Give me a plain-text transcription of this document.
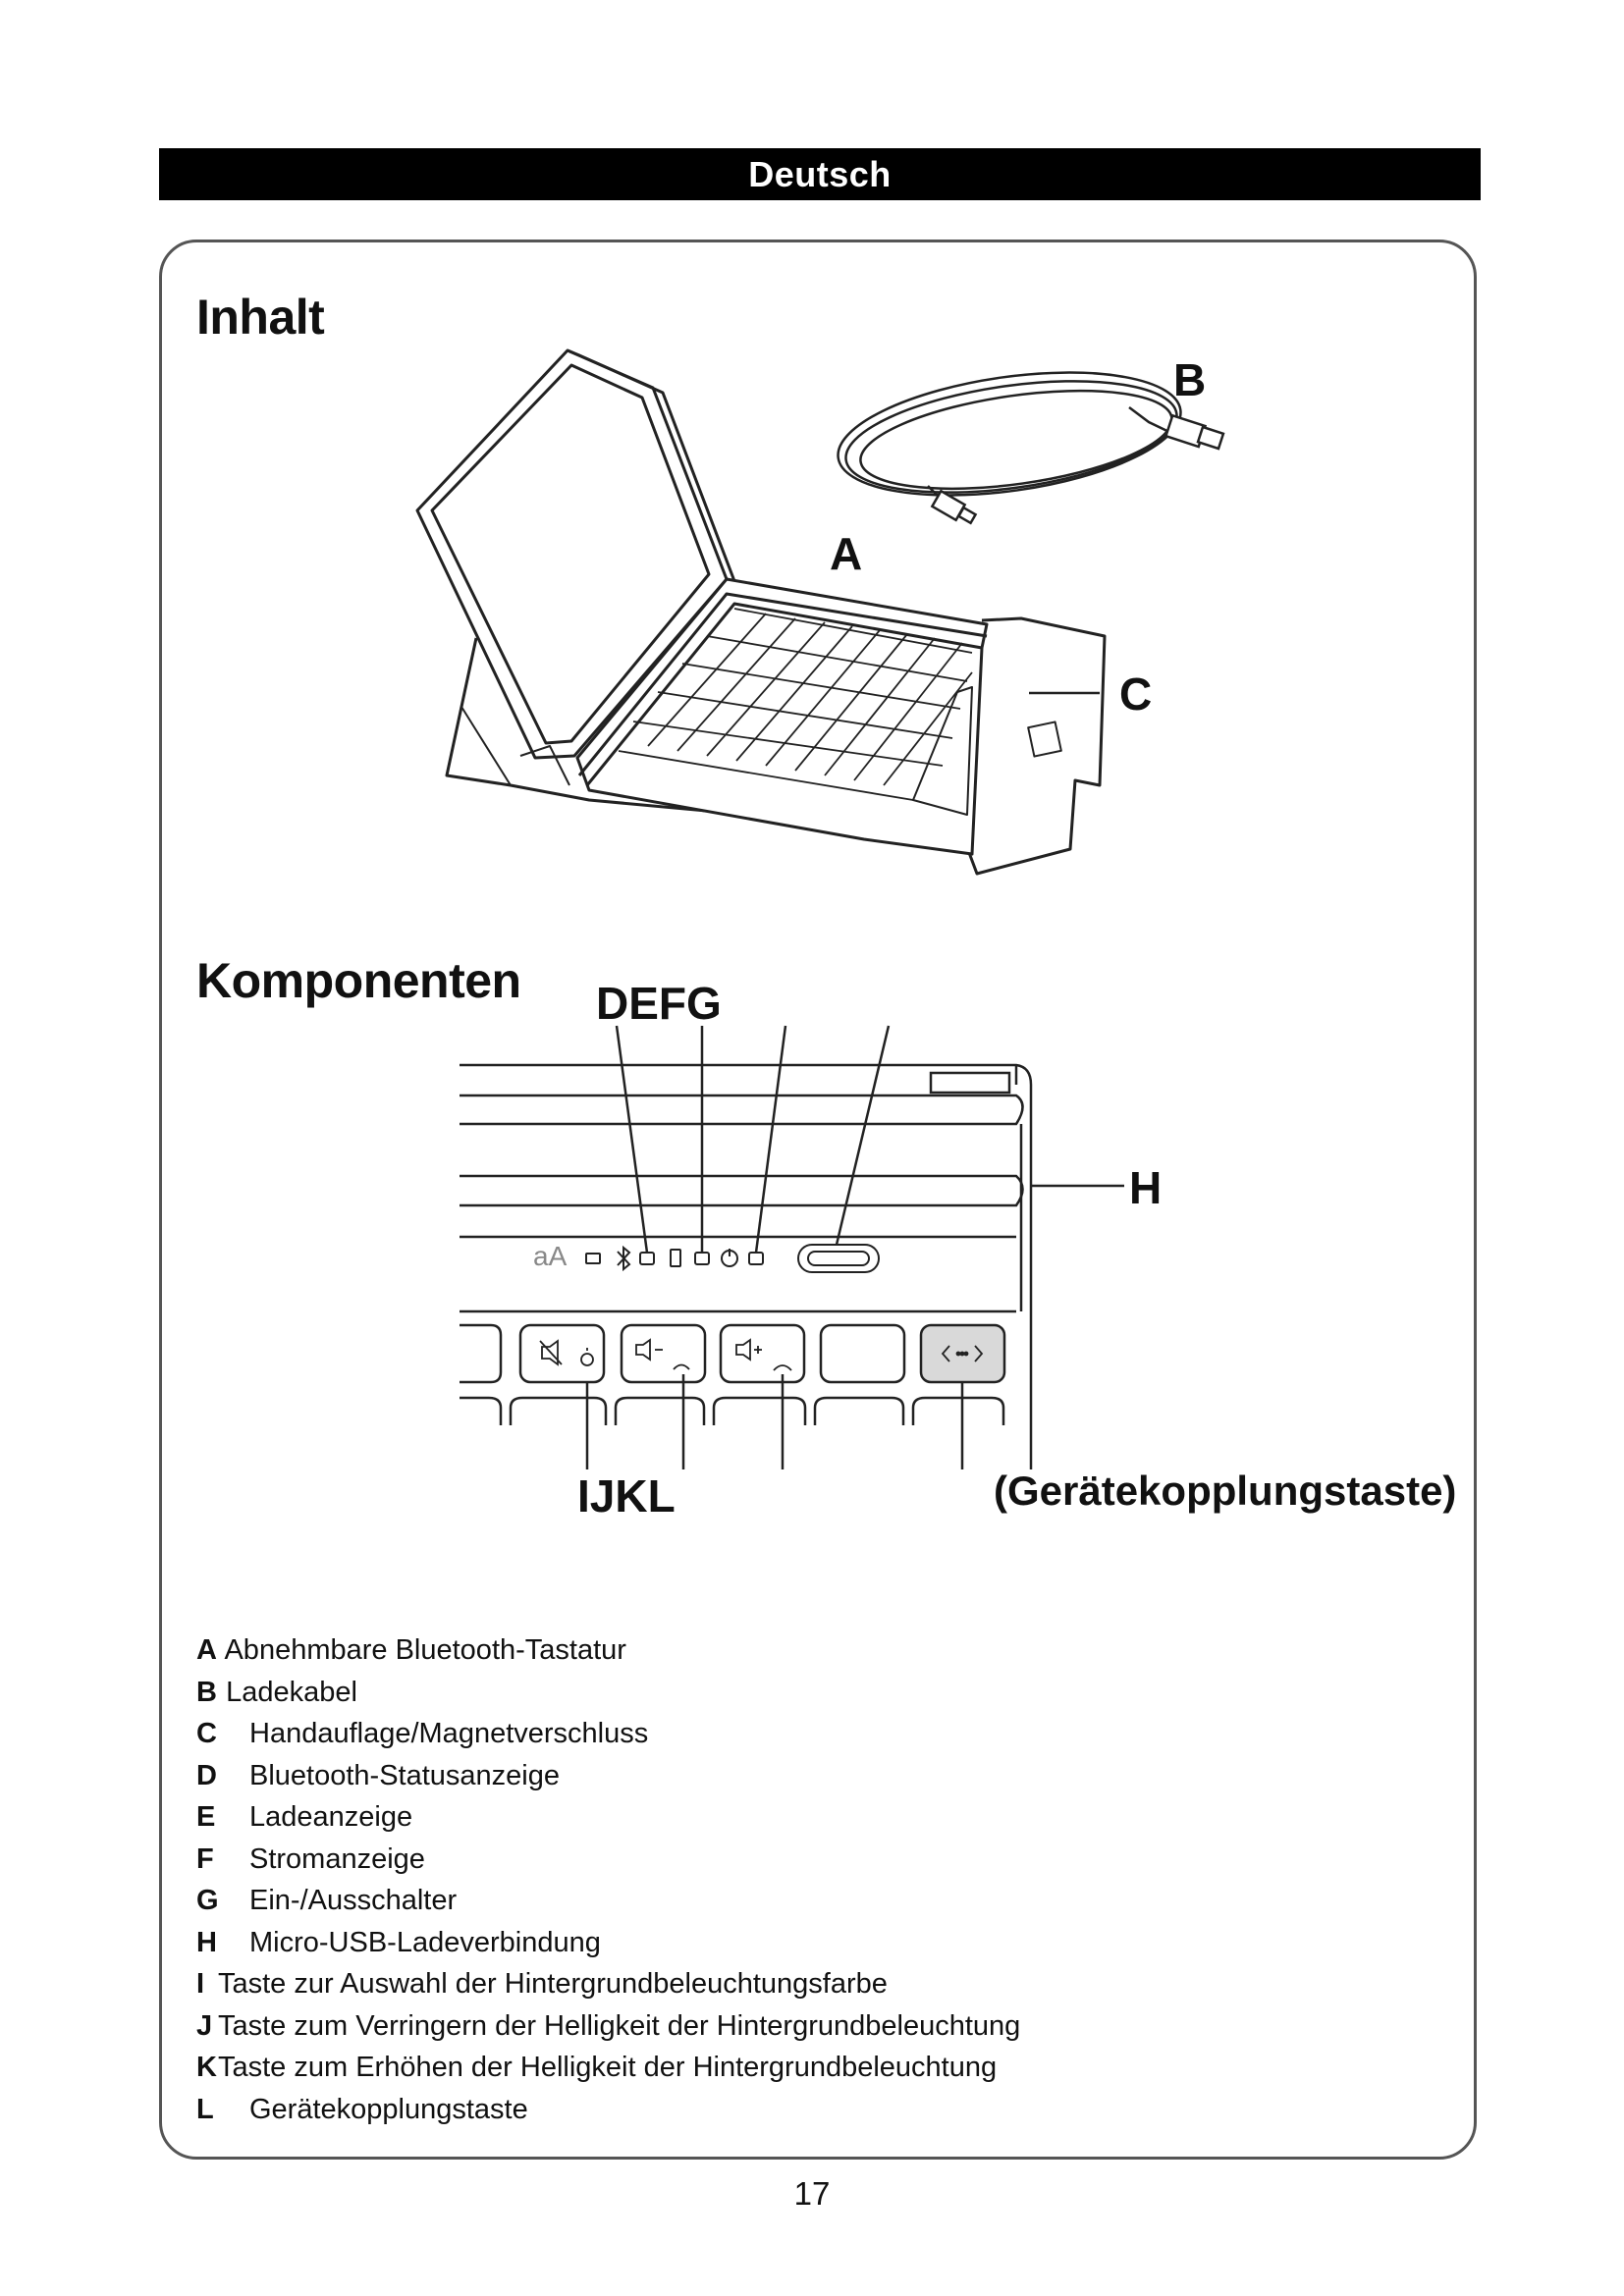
Deutsch
Inhalt
Komponenten
aA
B
A
C
DEFG
H
IJKL	(Gerätekopplungstaste)
A Abnehmbare Bluetooth-Tastatur
B Ladekabel
C Handauflage/Magnetverschluss
D Bluetooth-Statusanzeige
E Ladeanzeige
F Stromanzeige
G Ein-/Ausschalter
H Micro-USB-Ladeverbindung
I Taste zur Auswahl der Hintergrundbeleuchtungsfarbe
J Taste zum Verringern der Helligkeit der Hintergrundbeleuchtung
KTaste zum Erhöhen der Helligkeit der Hintergrundbeleuchtung
L Gerätekopplungstaste
17
